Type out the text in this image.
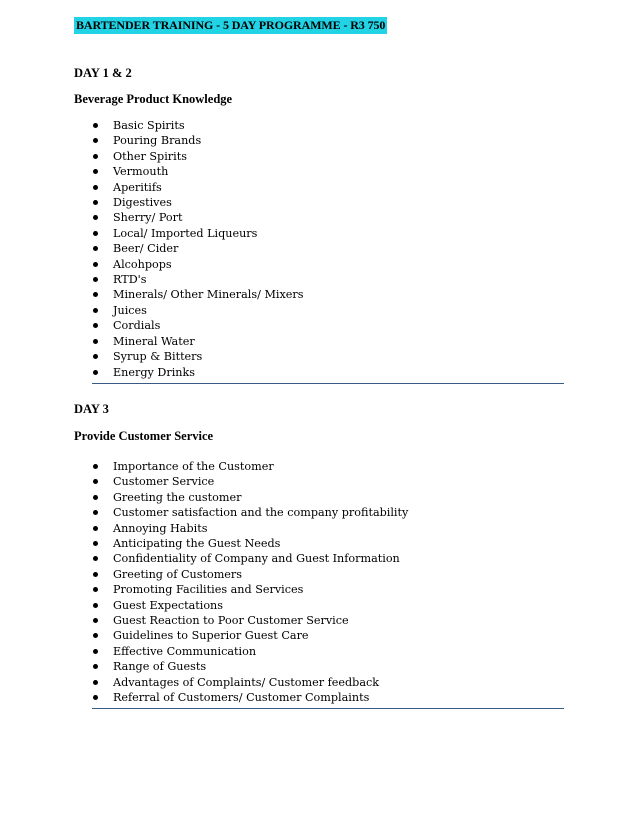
BARTENDER TRAINING - 5 DAY PROGRAMME - R3 750
DAY 1 & 2
Beverage Product Knowledge
Basic Spirits
Pouring Brands
Other Spirits
Vermouth
Aperitifs
Digestives
Sherry/ Port
Local/ Imported Liqueurs
Beer/ Cider
Alcohpops
RTD's
Minerals/ Other Minerals/ Mixers
Juices
Cordials
Mineral Water
Syrup & Bitters
Energy Drinks
DAY 3
Provide Customer Service
Importance of the Customer
Customer Service
Greeting the customer
Customer satisfaction and the company profitability
Annoying Habits
Anticipating the Guest Needs
Confidentiality of Company and Guest Information
Greeting of Customers
Promoting Facilities and Services
Guest Expectations
Guest Reaction to Poor Customer Service
Guidelines to Superior Guest Care
Effective Communication
Range of Guests
Advantages of Complaints/ Customer feedback
Referral of Customers/ Customer Complaints
